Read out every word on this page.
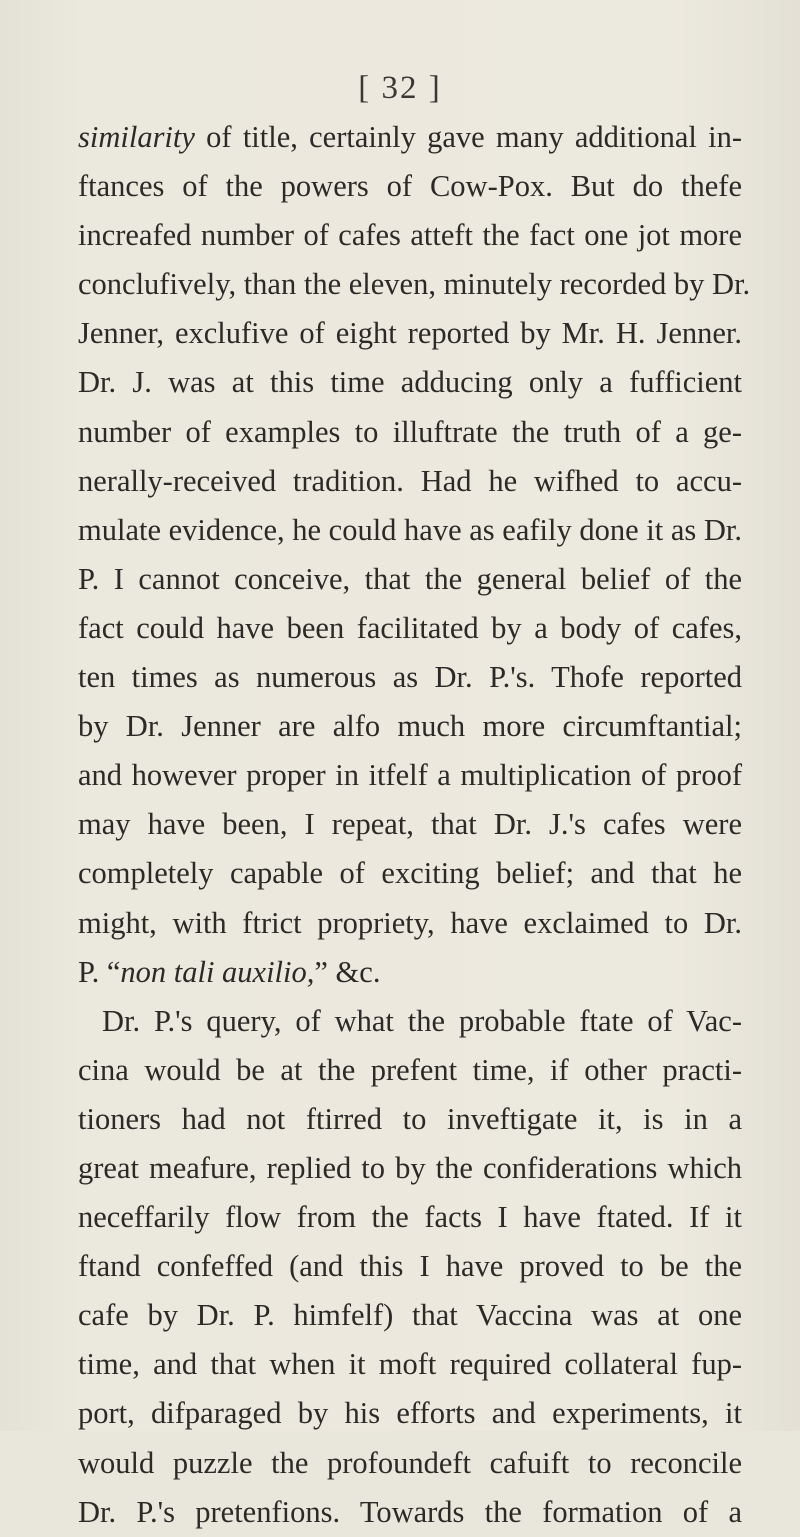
[ 32 ]
similarity of title, certainly gave many additional in-
ftances of the powers of Cow-Pox. But do thefe
increafed number of cafes atteft the fact one jot more
conclufively, than the eleven, minutely recorded by Dr.
Jenner, exclufive of eight reported by Mr. H. Jenner.
Dr. J. was at this time adducing only a fufficient
number of examples to illuftrate the truth of a ge-
nerally-received tradition. Had he wifhed to accu-
mulate evidence, he could have as eafily done it as Dr.
P. I cannot conceive, that the general belief of the
fact could have been facilitated by a body of cafes,
ten times as numerous as Dr. P.'s. Thofe reported
by Dr. Jenner are alfo much more circumftantial;
and however proper in itfelf a multiplication of proof
may have been, I repeat, that Dr. J.'s cafes were
completely capable of exciting belief; and that he
might, with ftrict propriety, have exclaimed to Dr.
P. “non tali auxilio,” &c.
Dr. P.'s query, of what the probable ftate of Vac-
cina would be at the prefent time, if other practi-
tioners had not ftirred to inveftigate it, is in a
great meafure, replied to by the confiderations which
neceffarily flow from the facts I have ftated. If it
ftand confeffed (and this I have proved to be the
cafe by Dr. P. himfelf) that Vaccina was at one
time, and that when it moft required collateral fup-
port, difparaged by his efforts and experiments, it
would puzzle the profoundeft cafuift to reconcile
Dr. P.'s pretenfions. Towards the formation of a
